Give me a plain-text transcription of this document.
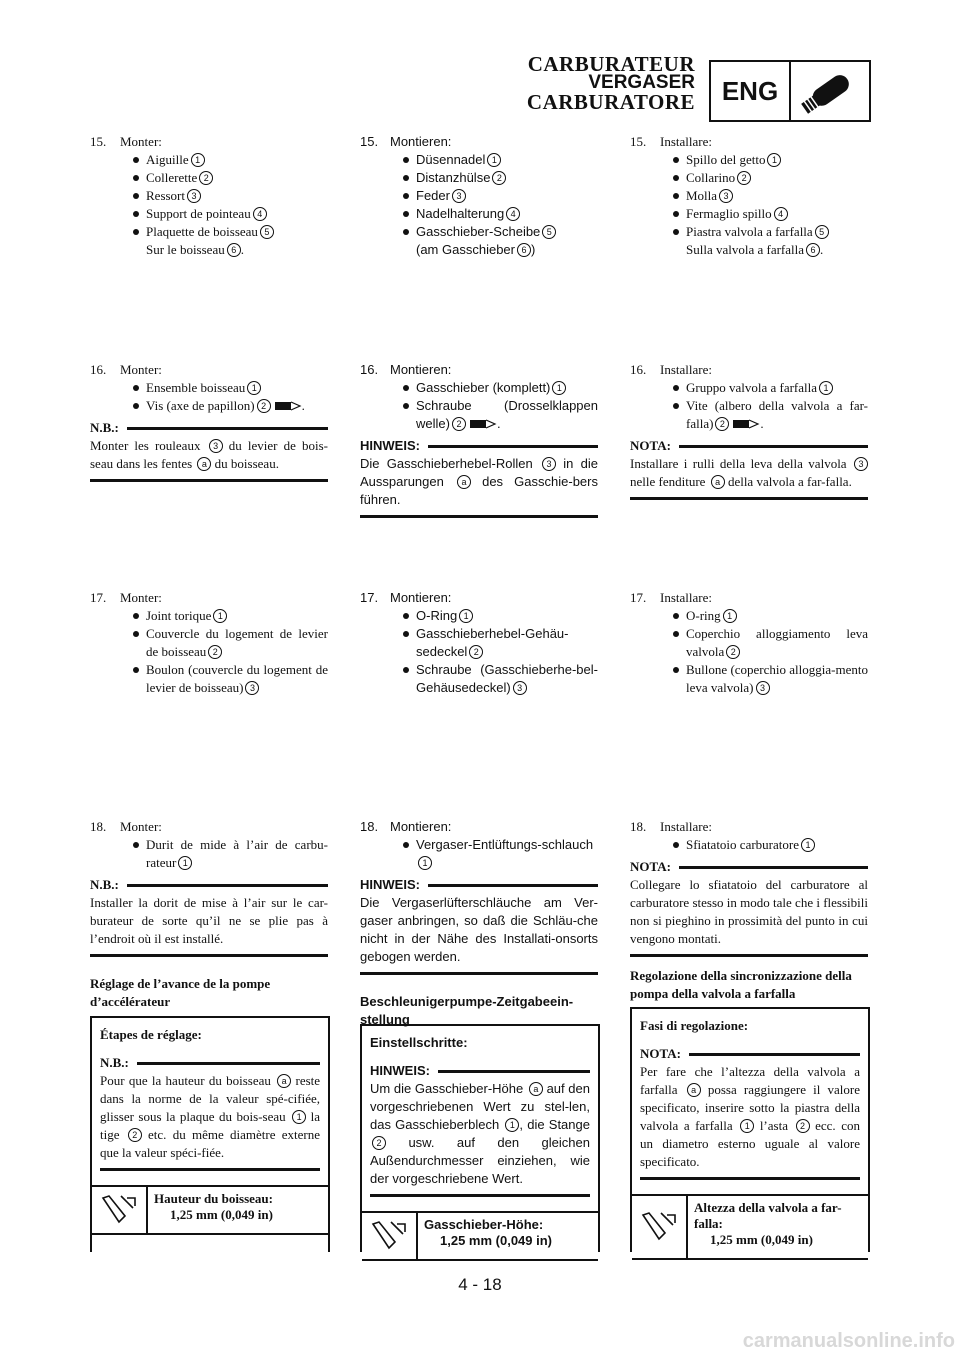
CARBURATEUR
VERGASER
CARBURATORE	ENG
15.	Monter:
Aiguille 1
Collerette 2
Ressort 3
Support de pointeau 4
Plaquette de boisseau 5
Sur le boisseau 6 .
16.	Monter:
Ensemble boisseau 1
Vis (axe de papillon) 2	.
N.B.:
Monter les rouleaux 3 du levier de bois-seau dans les fentes a du boisseau.
17.	Monter:
Joint torique 1
Couvercle du logement de levier de boisseau 2
Boulon (couvercle du logement de levier de boisseau) 3
18.	Monter:
Durit de mide à l’air de carbu-rateur 1
N.B.:
Installer la dorit de mise à l’air sur le car-burateur de sorte qu’il ne se plie pas à l’endroit où il est installé.
Réglage de l’avance de la pompe d’accélérateur
Étapes de réglage:
N.B.:
Pour que la hauteur du boisseau a reste dans la norme de la valeur spé-cifiée, glisser sous la plaque du bois-seau 1 la tige 2 etc. du même diamètre externe que la valeur spéci-fiée.
Hauteur du boisseau:
1,25 mm (0,049 in)
15. Montieren:
Düsennadel 1
Distanzhülse 2
Feder 3
Nadelhalterung 4
Gasschieber-Scheibe 5
(am Gasschieber 6 )
16. Montieren:
Gasschieber (komplett) 1
Schraube (Drosselklappen welle) 2	.
HINWEIS:
Die Gasschieberhebel-Rollen 3 in die Aussparungen a des Gasschie-bers führen.
17. Montieren:
O-Ring 1
Gasschieberhebel-Gehäu-sedeckel 2
Schraube (Gasschieberhe-bel-Gehäusedeckel) 3
18. Montieren:
Vergaser-Entlüftungs-schlauch1
HINWEIS:
Die Vergaserlüfterschläuche am Ver-gaser anbringen, so daß die Schläu-che nicht in der Nähe des Installati-onsorts gebogen werden.
Beschleunigerpumpe-Zeitgabeein-stellung
Einstellschritte:
HINWEIS:
Um die Gasschieber-Höhe a auf den vorgeschriebenen Wert zu stel-len, das Gasschieberblech 1 , die Stange 2 usw. auf den gleichen Außendurchmesser einziehen, wie der vorgeschriebene Wert.
Gasschieber-Höhe:
1,25 mm (0,049 in)
15.	Installare:
Spillo del getto 1
Collarino 2
Molla 3
Fermaglio spillo 4
Piastra valvola a farfalla 5
Sulla valvola a farfalla 6 .
16.	Installare:
Gruppo valvola a farfalla 1
Vite (albero della valvola a far-falla) 2	.
NOTA:
Installare i rulli della leva della valvola 3 nelle fenditure a della valvola a far-falla.
17.	Installare:
O-ring 1
Coperchio alloggiamento leva valvola 2
Bullone (coperchio alloggia-mento leva valvola) 3
18.	Installare:
Sfiatatoio carburatore 1
NOTA:
Collegare lo sfiatatoio del carburatore al carburatore stesso in modo tale che i flessibili non si pieghino in prossimità del punto in cui vengono montati.
Regolazione della sincronizzazione della pompa della valvola a farfalla
Fasi di regolazione:
NOTA:
Per fare che l’altezza della valvola a farfalla a possa raggiungere il valore specificato, inserire sotto la piastra della valvola a farfalla 1 l’asta 2 ecc. con un diametro esterno uguale al valore specificato.
Altezza della valvola a far-falla:
1,25 mm (0,049 in)
4 - 18
carmanualsonline.info
